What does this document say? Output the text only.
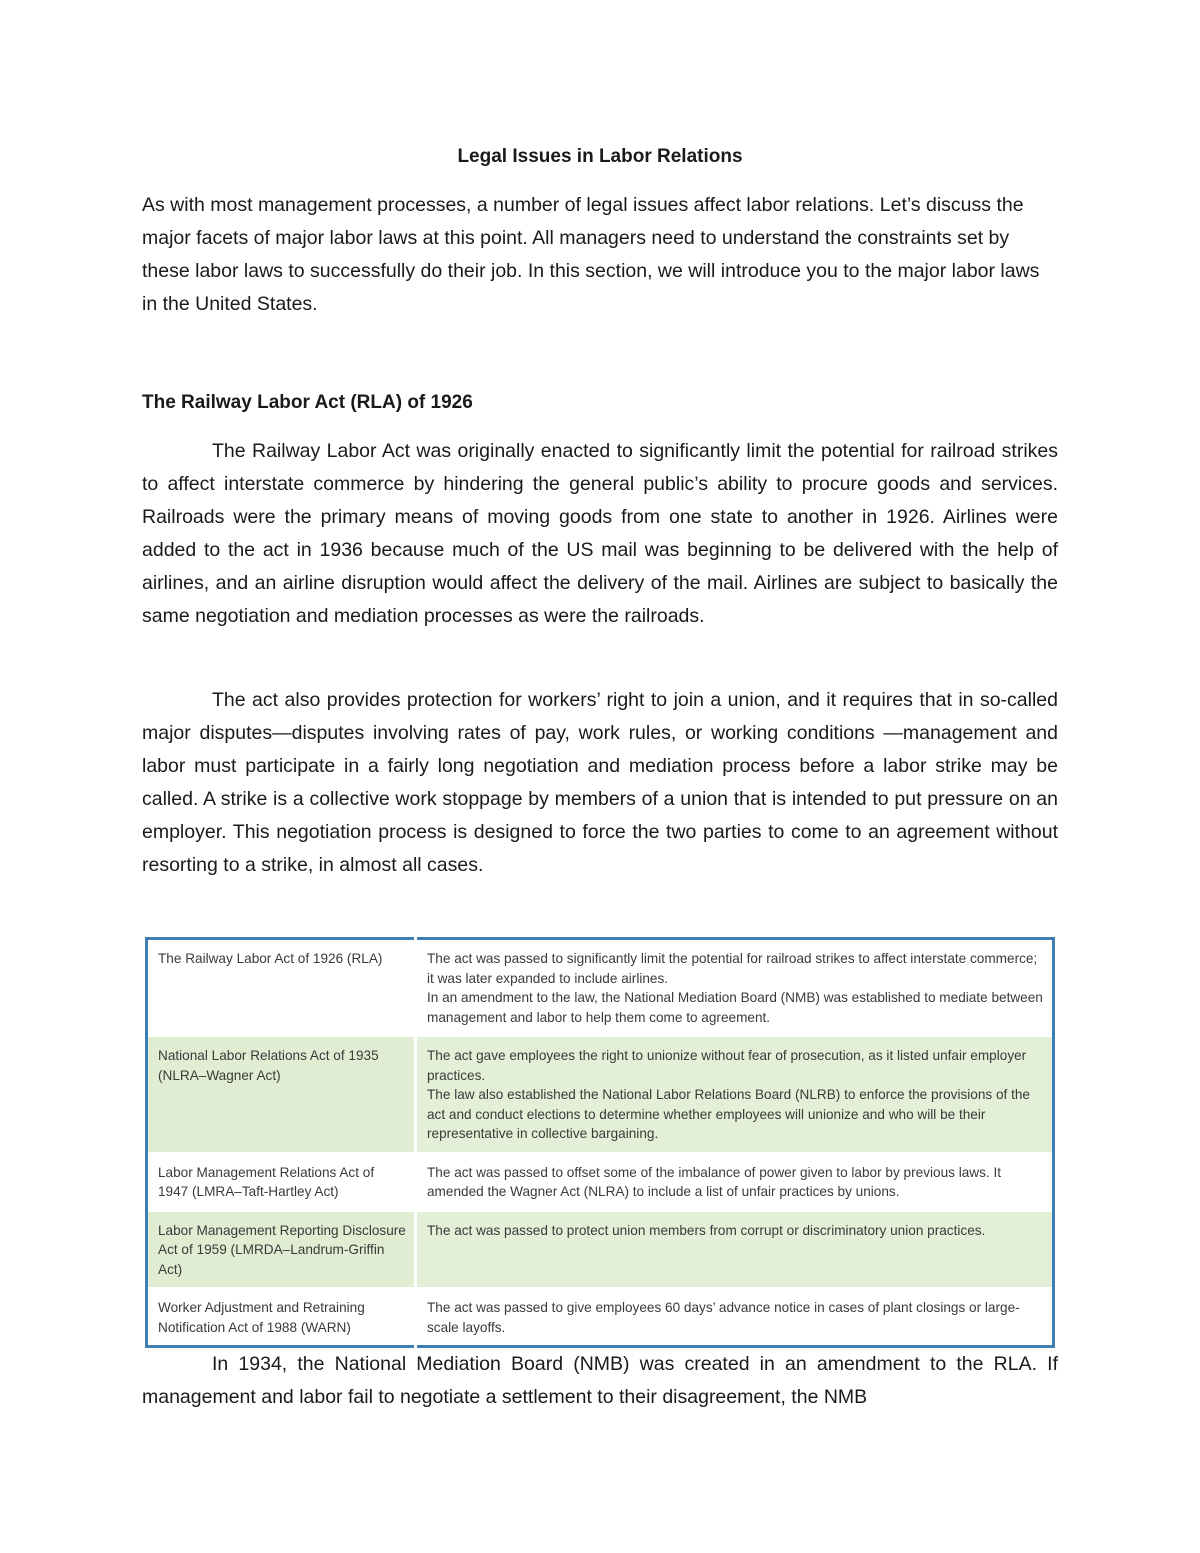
Legal Issues in Labor Relations

As with most management processes, a number of legal issues affect labor relations. Let’s discuss the major facets of major labor laws at this point. All managers need to understand the constraints set by these labor laws to successfully do their job. In this section, we will introduce you to the major labor laws in the United States.

The Railway Labor Act (RLA) of 1926

The Railway Labor Act was originally enacted to significantly limit the potential for railroad strikes to affect interstate commerce by hindering the general public’s ability to procure goods and services. Railroads were the primary means of moving goods from one state to another in 1926. Airlines were added to the act in 1936 because much of the US mail was beginning to be delivered with the help of airlines, and an airline disruption would affect the delivery of the mail. Airlines are subject to basically the same negotiation and mediation processes as were the railroads.

The act also provides protection for workers’ right to join a union, and it requires that in so-called major disputes—disputes involving rates of pay, work rules, or working conditions —management and labor must participate in a fairly long negotiation and mediation process before a labor strike may be called. A strike is a collective work stoppage by members of a union that is intended to put pressure on an employer. This negotiation process is designed to force the two parties to come to an agreement without resorting to a strike, in almost all cases.

The Railway Labor Act of 1926 (RLA)	The act was passed to significantly limit the potential for railroad strikes to affect interstate commerce; it was later expanded to include airlines.
In an amendment to the law, the National Mediation Board (NMB) was established to mediate between management and labor to help them come to agreement.

National Labor Relations Act of 1935 (NLRA–Wagner Act)	The act gave employees the right to unionize without fear of prosecution, as it listed unfair employer practices.
The law also established the National Labor Relations Board (NLRB) to enforce the provisions of the act and conduct elections to determine whether employees will unionize and who will be their representative in collective bargaining.

Labor Management Relations Act of 1947 (LMRA–Taft-Hartley Act)	The act was passed to offset some of the imbalance of power given to labor by previous laws. It amended the Wagner Act (NLRA) to include a list of unfair practices by unions.

Labor Management Reporting Disclosure Act of 1959 (LMRDA–Landrum-Griffin Act)	The act was passed to protect union members from corrupt or discriminatory union practices.

Worker Adjustment and Retraining Notification Act of 1988 (WARN)	The act was passed to give employees 60 days’ advance notice in cases of plant closings or large-scale layoffs.

In 1934, the National Mediation Board (NMB) was created in an amendment to the RLA. If management and labor fail to negotiate a settlement to their disagreement, the NMB
